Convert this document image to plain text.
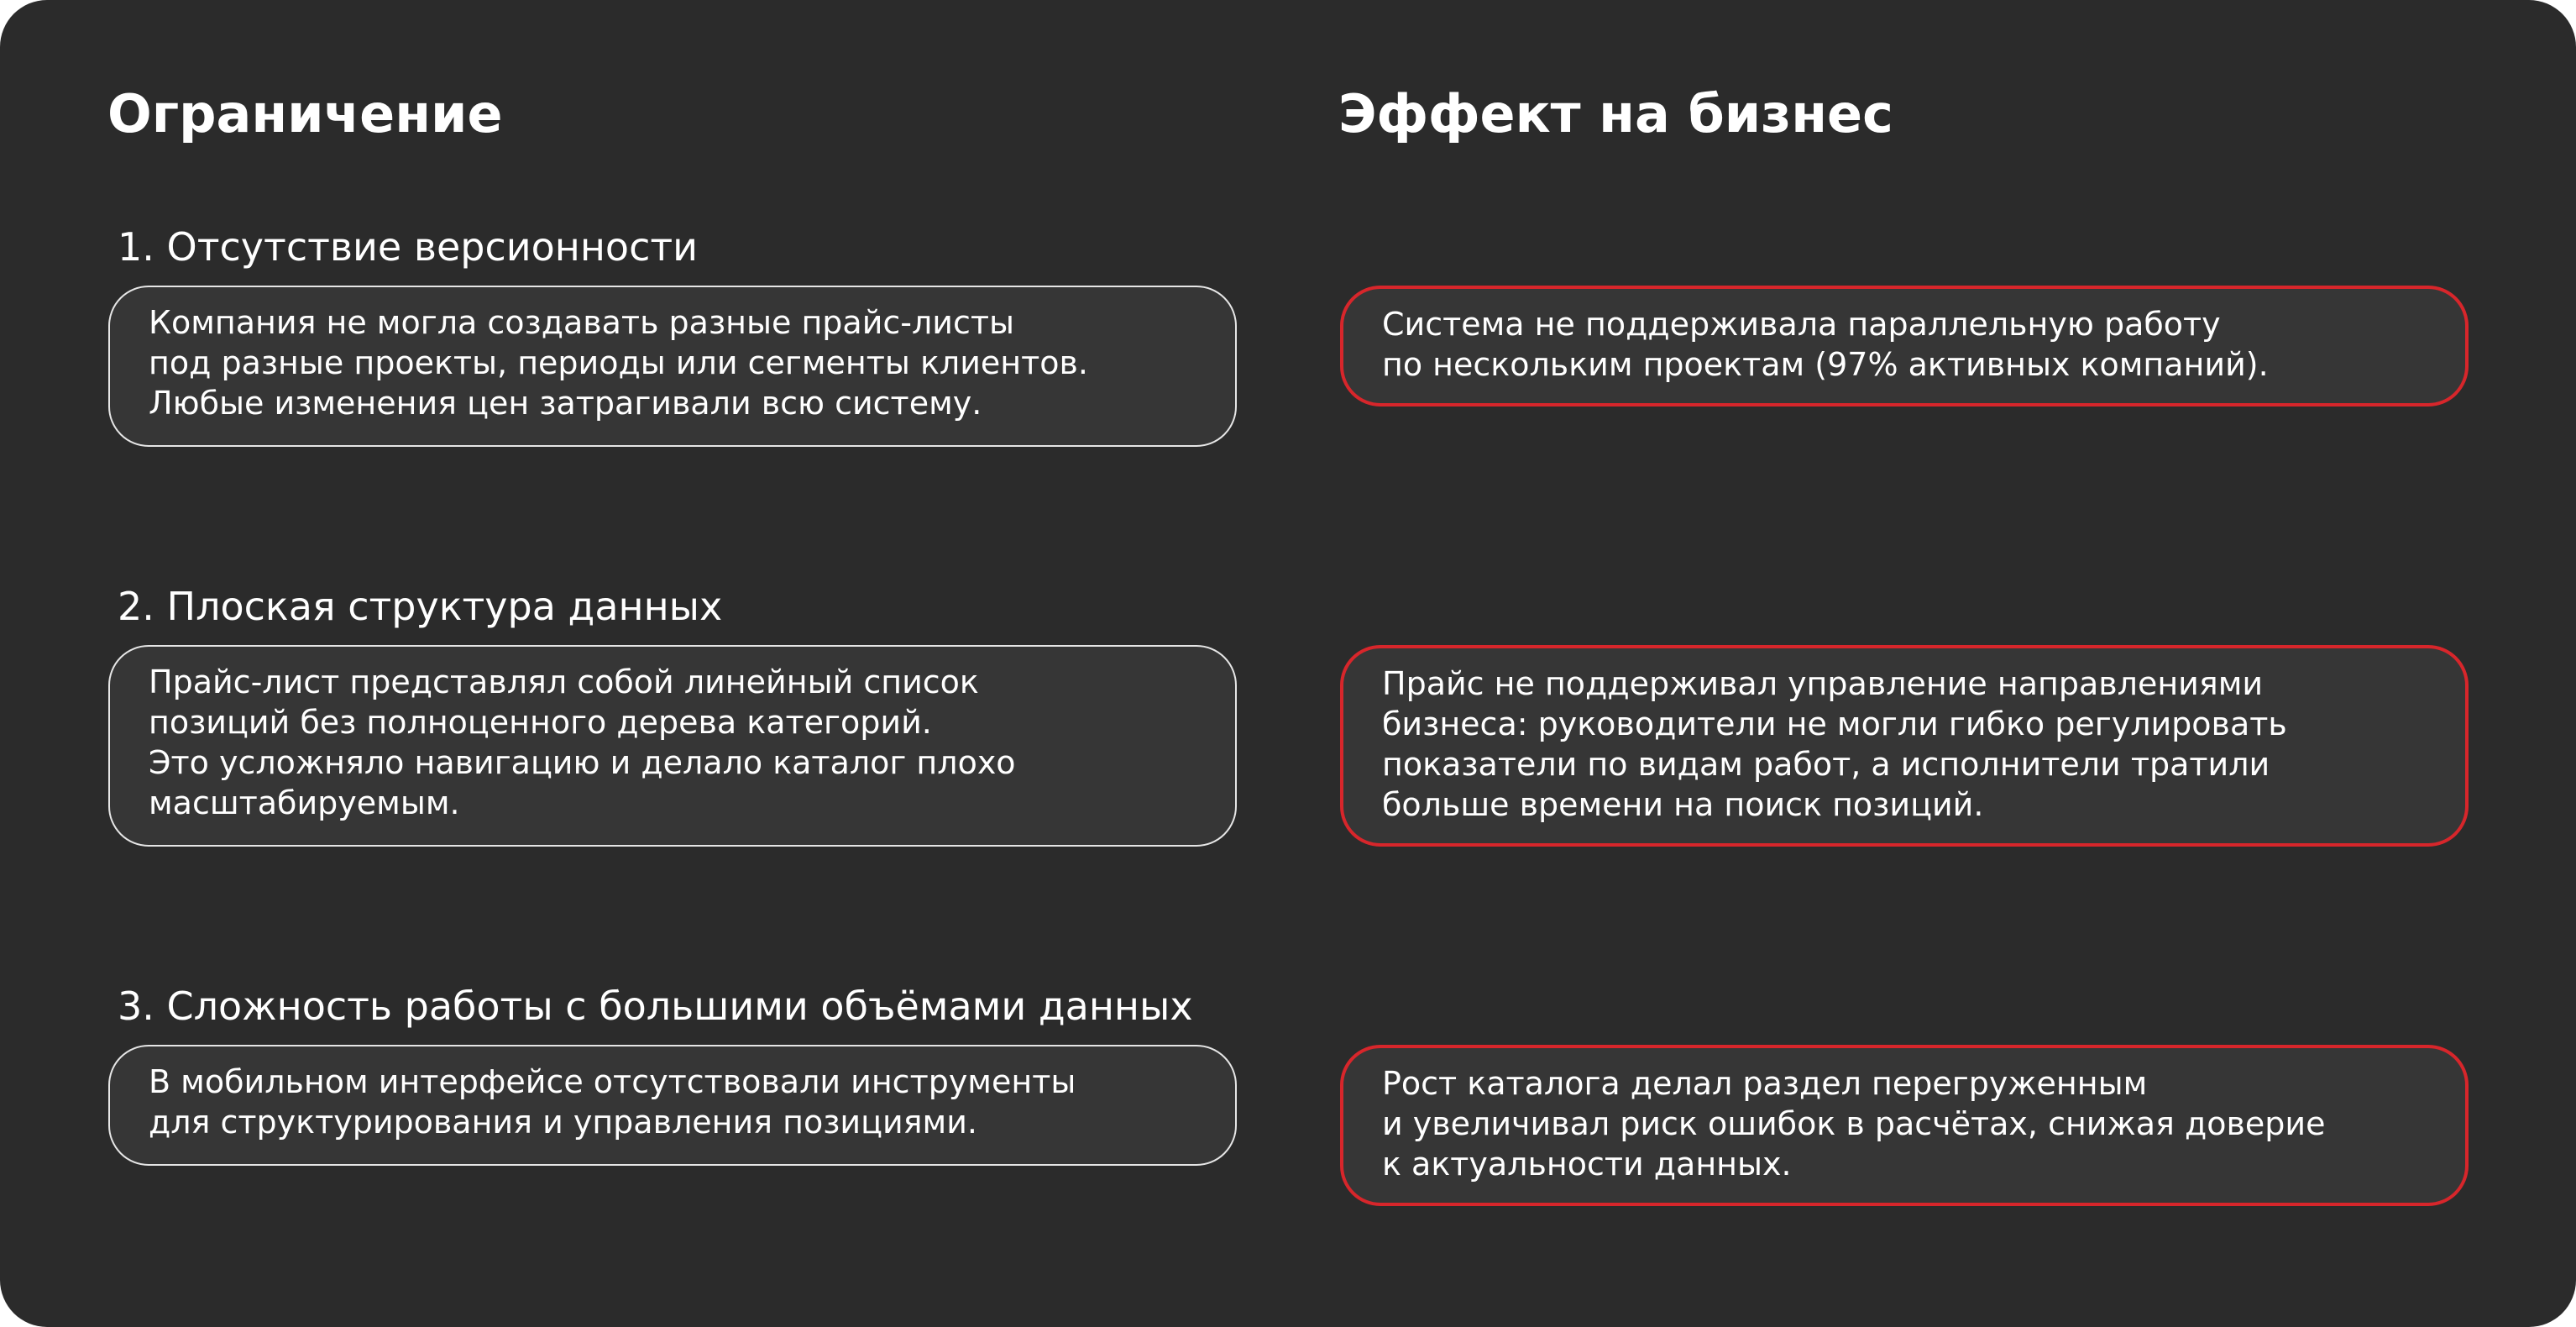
Ограничение	Эффект на бизнес
1. Отсутствие версионности
Компания не могла создавать разные прайс-листы
под разные проекты, периоды или сегменты клиентов.
Любые изменения цен затрагивали всю систему.
Система не поддерживала параллельную работу
по нескольким проектам (97% активных компаний).
2. Плоская структура данных
Прайс-лист представлял собой линейный список
позиций без полноценного дерева категорий.
Это усложняло навигацию и делало каталог плохо
масштабируемым.
Прайс не поддерживал управление направлениями
бизнеса: руководители не могли гибко регулировать
показатели по видам работ, а исполнители тратили
больше времени на поиск позиций.
3. Сложность работы с большими объёмами данных
В мобильном интерфейсе отсутствовали инструменты
для структурирования и управления позициями.
Рост каталога делал раздел перегруженным
и увеличивал риск ошибок в расчётах, снижая доверие
к актуальности данных.
